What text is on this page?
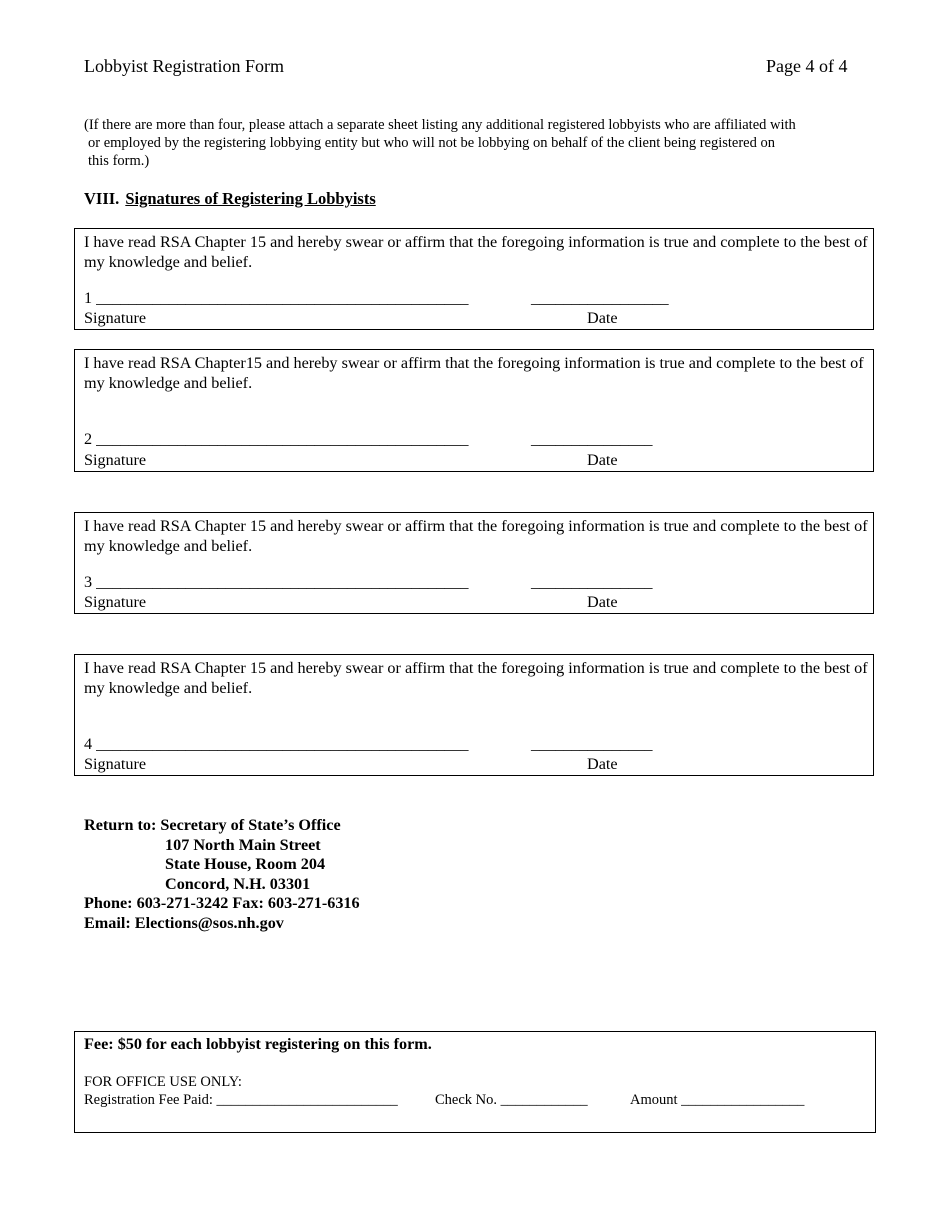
Lobbyist Registration Form	Page 4 of 4
(If there are more than four, please attach a separate sheet listing any additional registered lobbyists who are affiliated with
or employed by the registering lobbying entity but who will not be lobbying on behalf of the client being registered on
this form.)
VIII. Signatures of Registering Lobbyists
I have read RSA Chapter 15 and hereby swear or affirm that the foregoing information is true and complete to the best of my knowledge and belief.
1 ______________________________________________	_________________
Signature	Date
I have read RSA Chapter15 and hereby swear or affirm that the foregoing information is true and complete to the best of my knowledge and belief.
2 ______________________________________________	_______________
Signature	Date
I have read RSA Chapter 15 and hereby swear or affirm that the foregoing information is true and complete to the best of my knowledge and belief.
3 ______________________________________________	_______________
Signature	Date
I have read RSA Chapter 15 and hereby swear or affirm that the foregoing information is true and complete to the best of my knowledge and belief.
4 ______________________________________________	_______________
Signature	Date
Return to: Secretary of State’s Office
107 North Main Street
State House, Room 204
Concord, N.H. 03301
Phone: 603-271-3242 Fax: 603-271-6316
Email: Elections@sos.nh.gov
Fee: $50 for each lobbyist registering on this form.
FOR OFFICE USE ONLY:
Registration Fee Paid: _________________________	Check No. ____________	Amount _________________
